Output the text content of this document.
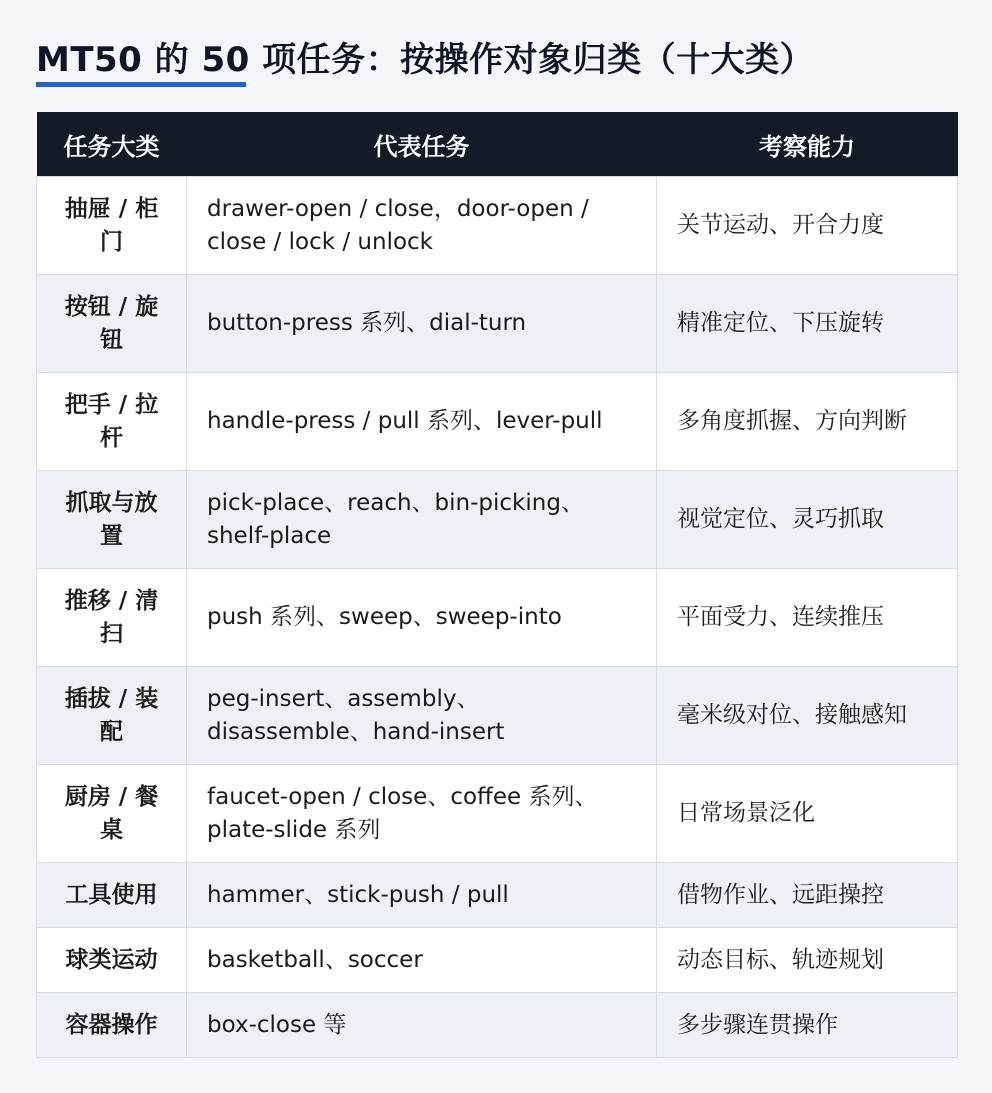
MT50 的 50 项任务：按操作对象归类（十大类）
任务大类	代表任务	考察能力
抽屉 / 柜门	drawer-open / close，door-open / close / lock / unlock	关节运动、开合力度
按钮 / 旋钮	button-press 系列、dial-turn	精准定位、下压旋转
把手 / 拉杆	handle-press / pull 系列、lever-pull	多角度抓握、方向判断
抓取与放置	pick-place、reach、bin-picking、shelf-place	视觉定位、灵巧抓取
推移 / 清扫	push 系列、sweep、sweep-into	平面受力、连续推压
插拔 / 装配	peg-insert、assembly、disassemble、hand-insert	毫米级对位、接触感知
厨房 / 餐桌	faucet-open / close、coffee 系列、plate-slide 系列	日常场景泛化
工具使用	hammer、stick-push / pull	借物作业、远距操控
球类运动	basketball、soccer	动态目标、轨迹规划
容器操作	box-close 等	多步骤连贯操作
